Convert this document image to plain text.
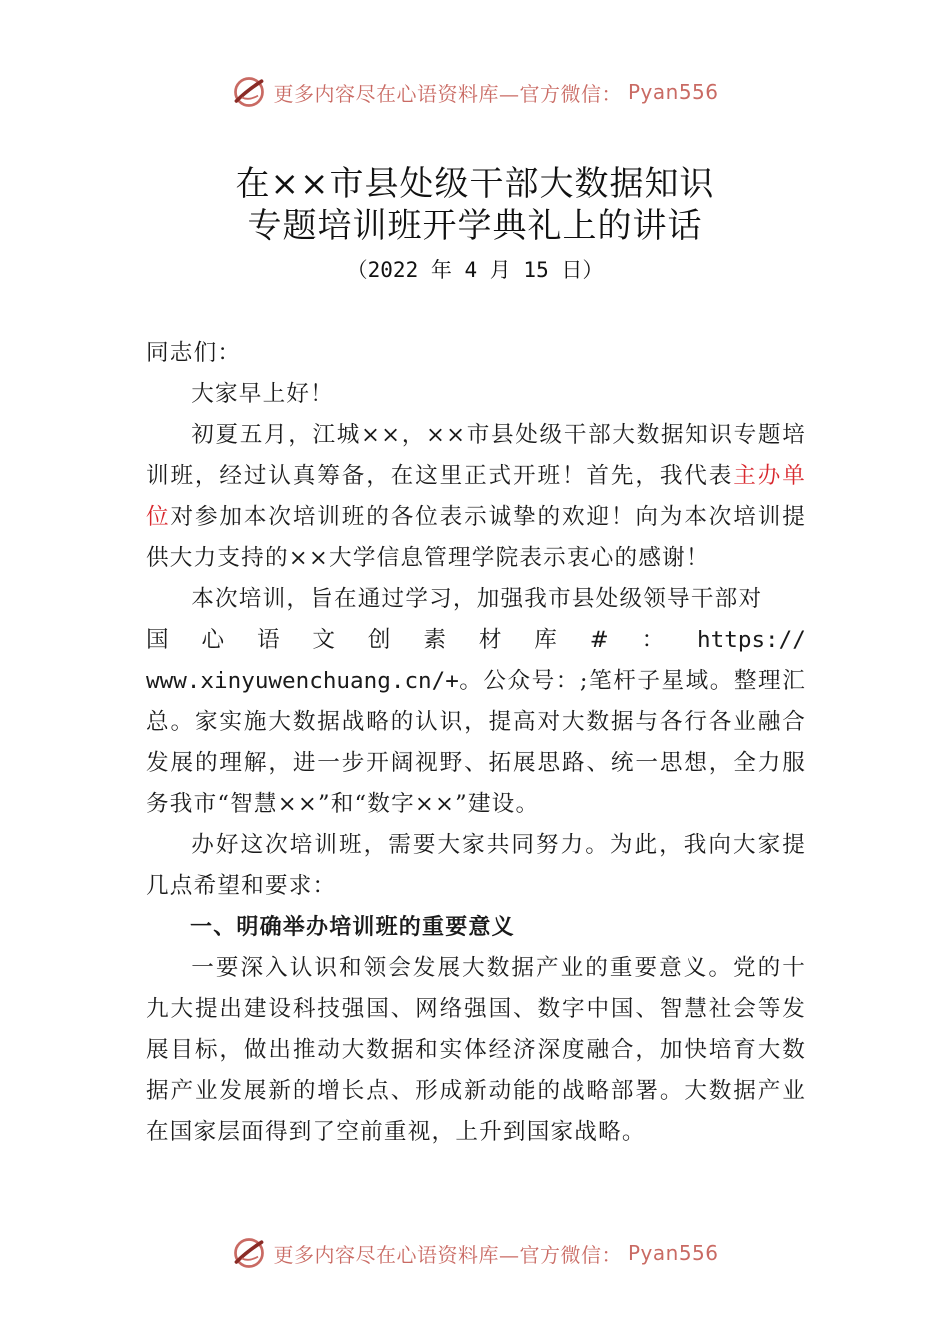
更多内容尽在心语资料库—官方微信： Pyan556
在××市县处级干部大数据知识
专题培训班开学典礼上的讲话
（2022 年 4 月 15 日）

同志们：

大家早上好！

初夏五月，江城××，××市县处级干部大数据知识专题培训班，经过认真筹备，在这里正式开班！首先，我代表主办单位对参加本次培训班的各位表示诚挚的欢迎！向为本次培训提供大力支持的××大学信息管理学院表示衷心的感谢！

本次培训，旨在通过学习，加强我市县处级领导干部对

国 心 语 文 创 素 材 库 # ： https://

www.xinyuwenchuang.cn/+。公众号：;笔杆子星域。整理汇总。家实施大数据战略的认识，提高对大数据与各行各业融合发展的理解，进一步开阔视野、拓展思路、统一思想，全力服务我市“智慧××”和“数字××”建设。

办好这次培训班，需要大家共同努力。为此，我向大家提几点希望和要求：

一、明确举办培训班的重要意义

一要深入认识和领会发展大数据产业的重要意义。党的十九大提出建设科技强国、网络强国、数字中国、智慧社会等发展目标，做出推动大数据和实体经济深度融合，加快培育大数据产业发展新的增长点、形成新动能的战略部署。大数据产业在国家层面得到了空前重视，上升到国家战略。

更多内容尽在心语资料库—官方微信： Pyan556
